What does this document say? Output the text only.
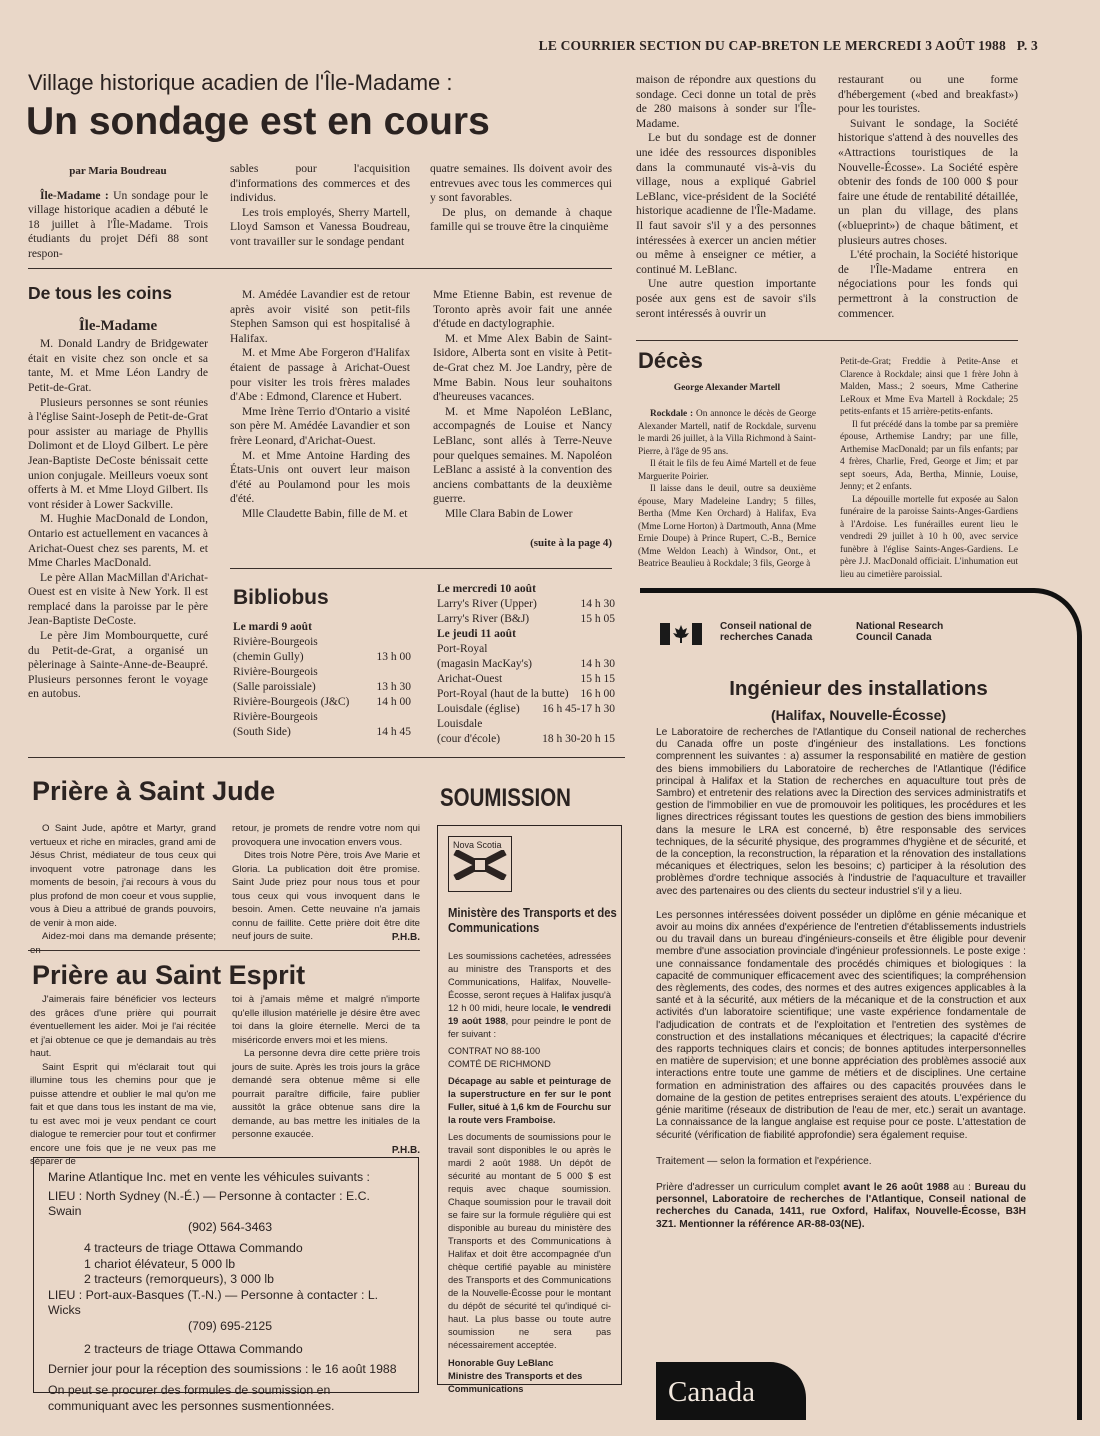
LE COURRIER SECTION DU CAP-BRETON LE MERCREDI 3 AOÛT 1988 P. 3
Village historique acadien de l'Île-Madame :
Un sondage est en cours
par Maria Boudreau

Île-Madame : Un sondage pour le village historique acadien a débuté le 18 juillet à l'Île-Madame. Trois étudiants du projet Défi 88 sont respon-

sables pour l'acquisition d'informations des commerces et des individus.

Les trois employés, Sherry Martell, Lloyd Samson et Vanessa Boudreau, vont travailler sur le sondage pendant

quatre semaines. Ils doivent avoir des entrevues avec tous les commerces qui y sont favorables.

De plus, on demande à chaque famille qui se trouve être la cinquième

maison de répondre aux questions du sondage. Ceci donne un total de près de 280 maisons à sonder sur l'Île-Madame.

Le but du sondage est de donner une idée des ressources disponibles dans la communauté vis-à-vis du village, nous a expliqué Gabriel LeBlanc, vice-président de la Société historique acadienne de l'Île-Madame. Il faut savoir s'il y a des personnes intéressées à exercer un ancien métier ou même à enseigner ce métier, a continué M. LeBlanc.

Une autre question importante posée aux gens est de savoir s'ils seront intéressés à ouvrir un

restaurant ou une forme d'hébergement («bed and breakfast») pour les touristes.

Suivant le sondage, la Société historique s'attend à des nouvelles des «Attractions touristiques de la Nouvelle-Écosse». La Société espère obtenir des fonds de 100 000 $ pour faire une étude de rentabilité détaillée, un plan du village, des plans («blueprint») de chaque bâtiment, et plusieurs autres choses.

L'été prochain, la Société historique de l'Île-Madame entrera en négociations pour les fonds qui permettront à la construction de commencer.

De tous les coins
Île-Madame

M. Donald Landry de Bridgewater était en visite chez son oncle et sa tante, M. et Mme Léon Landry de Petit-de-Grat.

Plusieurs personnes se sont réunies à l'église Saint-Joseph de Petit-de-Grat pour assister au mariage de Phyllis Dolimont et de Lloyd Gilbert. Le père Jean-Baptiste DeCoste bénissait cette union conjugale. Meilleurs voeux sont offerts à M. et Mme Lloyd Gilbert. Ils vont résider à Lower Sackville.

M. Hughie MacDonald de London, Ontario est actuellement en vacances à Arichat-Ouest chez ses parents, M. et Mme Charles MacDonald.

Le père Allan MacMillan d'Arichat-Ouest est en visite à New York. Il est remplacé dans la paroisse par le père Jean-Baptiste DeCoste.

Le père Jim Mombourquette, curé du Petit-de-Grat, a organisé un pèlerinage à Sainte-Anne-de-Beaupré. Plusieurs personnes feront le voyage en autobus.

M. Amédée Lavandier est de retour après avoir visité son petit-fils Stephen Samson qui est hospitalisé à Halifax.

M. et Mme Abe Forgeron d'Halifax étaient de passage à Arichat-Ouest pour visiter les trois frères malades d'Abe : Edmond, Clarence et Hubert.

Mme Irène Terrio d'Ontario a visité son père M. Amédée Lavandier et son frère Leonard, d'Arichat-Ouest.

M. et Mme Antoine Harding des États-Unis ont ouvert leur maison d'été au Poulamond pour les mois d'été.

Mlle Claudette Babin, fille de M. et

Mme Etienne Babin, est revenue de Toronto après avoir fait une année d'étude en dactylographie.

M. et Mme Alex Babin de Saint-Isidore, Alberta sont en visite à Petit-de-Grat chez M. Joe Landry, père de Mme Babin. Nous leur souhaitons d'heureuses vacances.

M. et Mme Napoléon LeBlanc, accompagnés de Louise et Nancy LeBlanc, sont allés à Terre-Neuve pour quelques semaines. M. Napoléon LeBlanc a assisté à la convention des anciens combattants de la deuxième guerre.

Mlle Clara Babin de Lower

(suite à la page 4)
Bibliobus
Le mardi 9 août
Rivière-Bourgeois
(chemin Gully)	13 h 00
Rivière-Bourgeois
(Salle paroissiale)	13 h 30
Rivière-Bourgeois (J&C) 14 h 00
Rivière-Bourgeois
(South Side)	14 h 45
Le mercredi 10 août
Larry's River (Upper)	14 h 30
Larry's River (B&J)	15 h 05
Le jeudi 11 août
Port-Royal
(magasin MacKay's)	14 h 30
Arichat-Ouest	15 h 15
Port-Royal (haut de la butte) 16 h 00
Louisdale (église) 16 h 45-17 h 30
Louisdale
(cour d'école)	18 h 30-20 h 15
Décès
George Alexander Martell

Rockdale : On annonce le décès de George Alexander Martell, natif de Rockdale, survenu le mardi 26 juillet, à la Villa Richmond à Saint-Pierre, à l'âge de 95 ans.

Il était le fils de feu Aimé Martell et de feue Marguerite Poirier.

Il laisse dans le deuil, outre sa deuxième épouse, Mary Madeleine Landry; 5 filles, Bertha (Mme Ken Orchard) à Halifax, Eva (Mme Lorne Horton) à Dartmouth, Anna (Mme Ernie Doupe) à Prince Rupert, C.-B., Bernice (Mme Weldon Leach) à Windsor, Ont., et Beatrice Beaulieu à Rockdale; 3 fils, George à

Petit-de-Grat; Freddie à Petite-Anse et Clarence à Rockdale; ainsi que 1 frère John à Malden, Mass.; 2 soeurs, Mme Catherine LeRoux et Mme Eva Martell à Rockdale; 25 petits-enfants et 15 arrière-petits-enfants.

Il fut précédé dans la tombe par sa première épouse, Arthemise Landry; par une fille, Arthemise MacDonald; par un fils enfants; par 4 frères, Charlie, Fred, George et Jim; et par sept soeurs, Ada, Bertha, Minnie, Louise, Jenny; et 2 enfants.

La dépouille mortelle fut exposée au Salon funéraire de la paroisse Saints-Anges-Gardiens à l'Ardoise. Les funérailles eurent lieu le vendredi 29 juillet à 10 h 00, avec service funèbre à l'église Saints-Anges-Gardiens. Le père J.J. MacDonald officiait. L'inhumation eut lieu au cimetière paroissial.

Prière à Saint Jude

O Saint Jude, apôtre et Martyr, grand vertueux et riche en miracles, grand ami de Jésus Christ, médiateur de tous ceux qui invoquent votre patronage dans les moments de besoin, j'ai recours à vous du plus profond de mon coeur et vous supplie, vous à Dieu a attribué de grands pouvoirs, de venir à mon aide.

Aidez-moi dans ma demande présente; en

retour, je promets de rendre votre nom qui provoquera une invocation envers vous.

Dites trois Notre Père, trois Ave Marie et Gloria. La publication doit être promise. Saint Jude priez pour nous tous et pour tous ceux qui vous invoquent dans le besoin. Amen. Cette neuvaine n'a jamais connu de faillite. Cette prière doit être dite neuf jours de suite.	P.H.B.
Prière au Saint Esprit

J'aimerais faire bénéficier vos lecteurs des grâces d'une prière qui pourrait éventuellement les aider. Moi je l'ai récitée et j'ai obtenue ce que je demandais au très haut.

Saint Esprit qui m'éclarait tout qui illumine tous les chemins pour que je puisse attendre et oublier le mal qu'on me fait et que dans tous les instant de ma vie, tu est avec moi je veux pendant ce court dialogue te remercier pour tout et confirmer encore une fois que je ne veux pas me séparer de

toi à j'amais même et malgré n'importe qu'elle illusion matérielle je désire être avec toi dans la gloire éternelle. Merci de ta miséricorde envers moi et les miens.

La personne devra dire cette prière trois jours de suite. Après les trois jours la grâce demandé sera obtenue même si elle pourrait paraître difficile, faire publier aussitôt la grâce obtenue sans dire la demande, au bas mettre les initiales de la personne exaucée.

P.H.B.
Marine Atlantique Inc. met en vente les véhicules suivants :
LIEU : North Sydney (N.-É.) — Personne à contacter : E.C. Swain
(902) 564-3463
4 tracteurs de triage Ottawa Commando
1 chariot élévateur, 5 000 lb
2 tracteurs (remorqueurs), 3 000 lb
LIEU : Port-aux-Basques (T.-N.) — Personne à contacter : L. Wicks
(709) 695-2125
2 tracteurs de triage Ottawa Commando
Dernier jour pour la réception des soumissions : le 16 août 1988
On peut se procurer des formules de soumission en communiquant avec les personnes susmentionnées.
SOUMISSION
Nova Scotia
Ministère des Transports et des Communications

Les soumissions cachetées, adressées au ministre des Transports et des Communications, Halifax, Nouvelle-Écosse, seront reçues à Halifax jusqu'à 12 h 00 midi, heure locale, le vendredi 19 août 1988, pour peindre le pont de fer suivant :

CONTRAT NO 88-100

COMTÉ DE RICHMOND

Décapage au sable et peinturage de la superstructure en fer sur le pont Fuller, situé à 1,6 km de Fourchu sur la route vers Framboise.

Les documents de soumissions pour le travail sont disponibles le ou après le mardi 2 août 1988. Un dépôt de sécurité au montant de 5 000 $ est requis avec chaque soumission. Chaque soumission pour le travail doit se faire sur la formule régulière qui est disponible au bureau du ministère des Transports et des Communications à Halifax et doit être accompagnée d'un chèque certifié payable au ministère des Transports et des Communications de la Nouvelle-Écosse pour le montant du dépôt de sécurité tel qu'indiqué ci-haut. La plus basse ou toute autre soumission ne sera pas nécessairement acceptée.

Honorable Guy LeBlanc

Ministre des Transports et des Communications

Conseil national de recherches Canada
National Research Council Canada
Ingénieur des installations
(Halifax, Nouvelle-Écosse)

Le Laboratoire de recherches de l'Atlantique du Conseil national de recherches du Canada offre un poste d'ingénieur des installations. Les fonctions comprennent les suivantes : a) assumer la responsabilité en matière de gestion des biens immobiliers du Laboratoire de recherches de l'Atlantique (l'édifice principal à Halifax et la Station de recherches en aquaculture tout près de Sambro) et entretenir des relations avec la Direction des services administratifs et gestion de l'immobilier en vue de promouvoir les politiques, les procédures et les lignes directrices régissant toutes les questions de gestion des biens immobiliers dans la mesure le LRA est concerné, b) être responsable des services techniques, de la sécurité physique, des programmes d'hygiène et de sécurité, et de la conception, la reconstruction, la réparation et la rénovation des installations mécaniques et électriques, selon les besoins; c) participer à la résolution des problèmes d'ordre technique associés à l'industrie de l'aquaculture et travailler avec des partenaires ou des clients du secteur industriel s'il y a lieu.

Les personnes intéressées doivent posséder un diplôme en génie mécanique et avoir au moins dix années d'expérience de l'entretien d'établissements industriels ou du travail dans un bureau d'ingénieurs-conseils et être éligible pour devenir membre d'une association provinciale d'ingénieur professionnels. Le poste exige : une connaissance fondamentale des procédés chimiques et biologiques : la capacité de communiquer efficacement avec des scientifiques; la compréhension des règlements, des codes, des normes et des autres exigences applicables à la santé et à la sécurité, aux métiers de la mécanique et de la construction et aux activités d'un laboratoire scientifique; une vaste expérience fondamentale de l'adjudication de contrats et de l'exploitation et l'entretien des systèmes de construction et des installations mécaniques et électriques; la capacité d'écrire des rapports techniques clairs et concis; de bonnes aptitudes interpersonnelles en matière de supervision; et une bonne appréciation des problèmes associé aux interactions entre toute une gamme de métiers et de disciplines. Une certaine formation en administration des affaires ou des capacités prouvées dans le domaine de la gestion de petites entreprises seraient des atouts. L'expérience du génie maritime (réseaux de distribution de l'eau de mer, etc.) serait un avantage. La connaissance de la langue anglaise est requise pour ce poste. L'attestation de sécurité (vérification de fiabilité approfondie) sera également requise.

Traitement — selon la formation et l'expérience.

Prière d'adresser un curriculum complet avant le 26 août 1988 au : Bureau du personnel, Laboratoire de recherches de l'Atlantique, Conseil national de recherches du Canada, 1411, rue Oxford, Halifax, Nouvelle-Écosse, B3H 3Z1. Mentionner la référence AR-88-03(NE).

Canada
